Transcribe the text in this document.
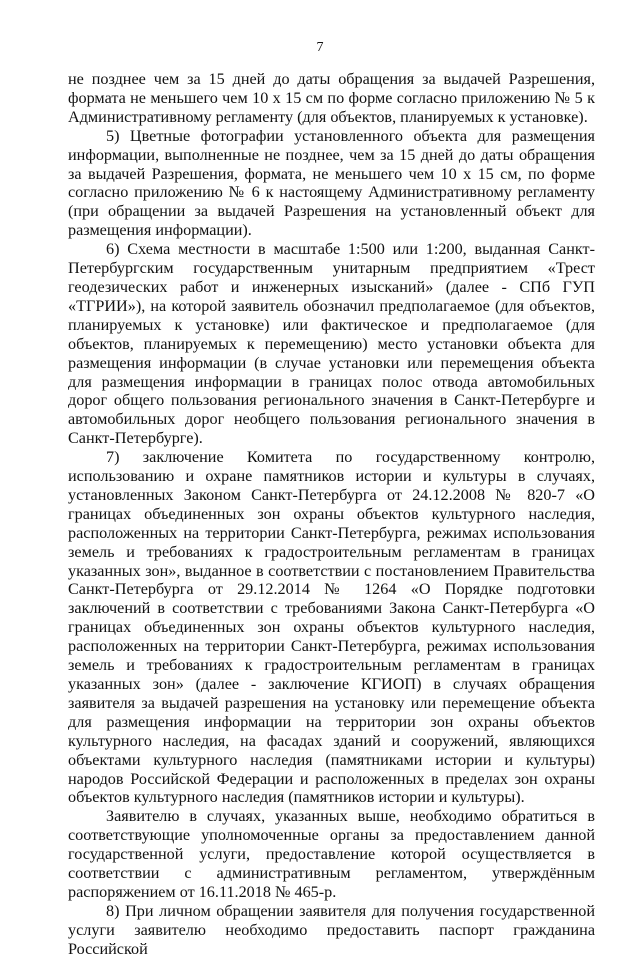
7

не позднее чем за 15 дней до даты обращения за выдачей Разрешения, формата не меньшего чем 10 х 15 см по форме согласно приложению № 5 к Административному регламенту (для объектов, планируемых к установке).

5) Цветные фотографии установленного объекта для размещения информации, выполненные не позднее, чем за 15 дней до даты обращения за выдачей Разрешения, формата, не меньшего чем 10 х 15 см, по форме согласно приложению № 6 к настоящему Административному регламенту (при обращении за выдачей Разрешения на установленный объект для размещения информации).

6) Схема местности в масштабе 1:500 или 1:200, выданная Санкт-Петербургским государственным унитарным предприятием «Трест геодезических работ и инженерных изысканий» (далее - СПб ГУП «ТГРИИ»), на которой заявитель обозначил предполагаемое (для объектов, планируемых к установке) или фактическое и предполагаемое (для объектов, планируемых к перемещению) место установки объекта для размещения информации (в случае установки или перемещения объекта для размещения информации в границах полос отвода автомобильных дорог общего пользования регионального значения в Санкт-Петербурге и автомобильных дорог необщего пользования регионального значения в Санкт-Петербурге).

7) заключение Комитета по государственному контролю, использованию и охране памятников истории и культуры в случаях, установленных Законом Санкт-Петербурга от 24.12.2008 № 820-7 «О границах объединенных зон охраны объектов культурного наследия, расположенных на территории Санкт-Петербурга, режимах использования земель и требованиях к градостроительным регламентам в границах указанных зон», выданное в соответствии с постановлением Правительства Санкт-Петербурга от 29.12.2014 № 1264 «О Порядке подготовки заключений в соответствии с требованиями Закона Санкт-Петербурга «О границах объединенных зон охраны объектов культурного наследия, расположенных на территории Санкт-Петербурга, режимах использования земель и требованиях к градостроительным регламентам в границах указанных зон» (далее - заключение КГИОП) в случаях обращения заявителя за выдачей разрешения на установку или перемещение объекта для размещения информации на территории зон охраны объектов культурного наследия, на фасадах зданий и сооружений, являющихся объектами культурного наследия (памятниками истории и культуры) народов Российской Федерации и расположенных в пределах зон охраны объектов культурного наследия (памятников истории и культуры).

Заявителю в случаях, указанных выше, необходимо обратиться в соответствующие уполномоченные органы за предоставлением данной государственной услуги, предоставление которой осуществляется в соответствии с административным регламентом, утверждённым распоряжением от 16.11.2018 № 465-р.

8) При личном обращении заявителя для получения государственной услуги заявителю необходимо предоставить паспорт гражданина Российской
